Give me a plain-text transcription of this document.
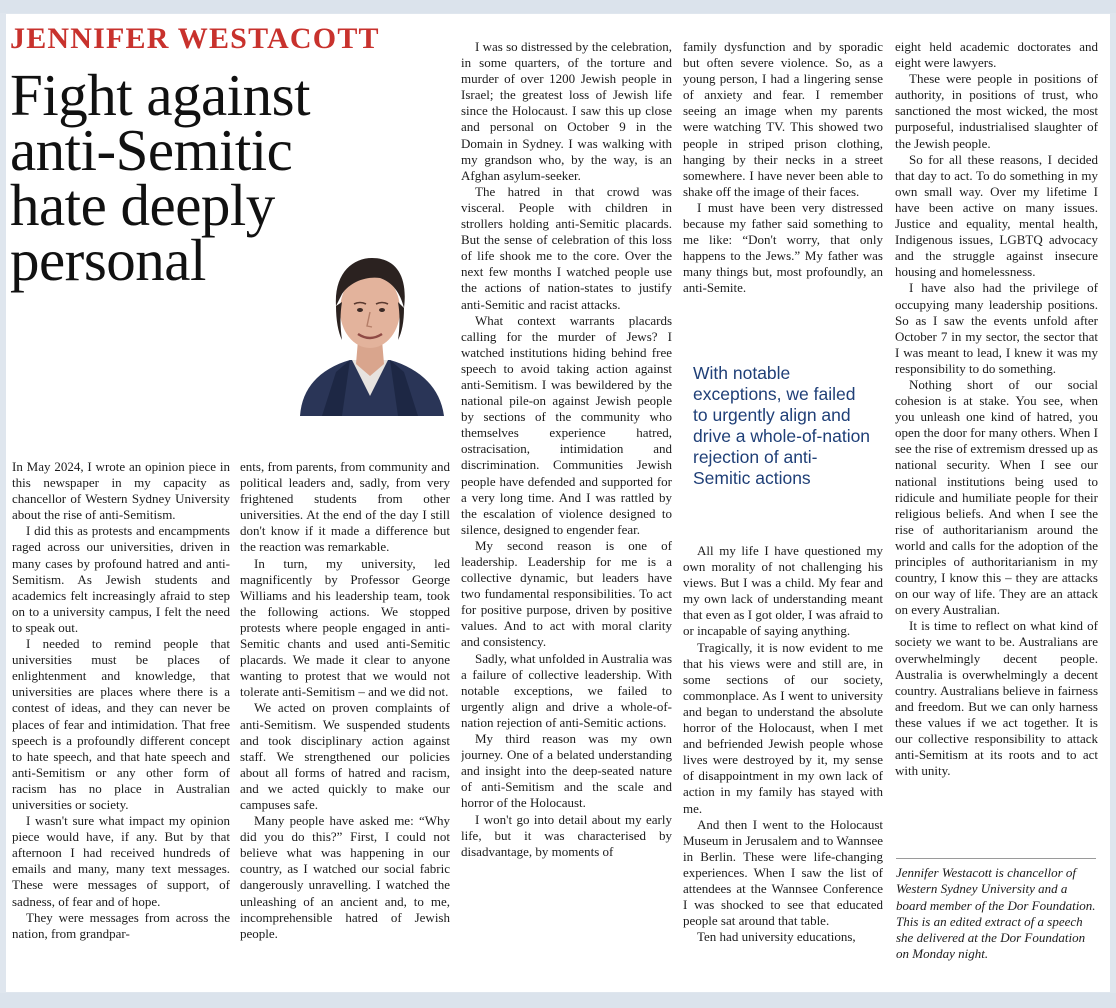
JENNIFER WESTACOTT
Fight against
anti-Semitic
hate deeply
personal

In May 2024, I wrote an opinion piece in this newspaper in my capacity as chancellor of Western Sydney University about the rise of anti-Semitism.

I did this as protests and encampments raged across our universities, driven in many cases by profound hatred and anti-Semitism. As Jewish students and academics felt increasingly afraid to step on to a university campus, I felt the need to speak out.

I needed to remind people that universities must be places of enlightenment and knowledge, that universities are places where there is a contest of ideas, and they can never be places of fear and intimidation. That free speech is a profoundly different concept to hate speech, and that hate speech and anti-Semitism or any other form of racism has no place in Australian universities or society.

I wasn't sure what impact my opinion piece would have, if any. But by that afternoon I had received hundreds of emails and many, many text messages. These were messages of support, of sadness, of fear and of hope.

They were messages from across the nation, from grandpar-

ents, from parents, from community and political leaders and, sadly, from very frightened students from other universities. At the end of the day I still don't know if it made a difference but the reaction was remarkable.

In turn, my university, led magnificently by Professor George Williams and his leadership team, took the following actions. We stopped protests where people engaged in anti-Semitic chants and used anti-Semitic placards. We made it clear to anyone wanting to protest that we would not tolerate anti-Semitism – and we did not.

We acted on proven complaints of anti-Semitism. We suspended students and took disciplinary action against staff. We strengthened our policies about all forms of hatred and racism, and we acted quickly to make our campuses safe.

Many people have asked me: “Why did you do this?” First, I could not believe what was happening in our country, as I watched our social fabric dangerously unravelling. I watched the unleashing of an ancient and, to me, incomprehensible hatred of Jewish people.

I was so distressed by the celebration, in some quarters, of the torture and murder of over 1200 Jewish people in Israel; the greatest loss of Jewish life since the Holocaust. I saw this up close and personal on October 9 in the Domain in Sydney. I was walking with my grandson who, by the way, is an Afghan asylum-seeker.

The hatred in that crowd was visceral. People with children in strollers holding anti-Semitic placards. But the sense of celebration of this loss of life shook me to the core. Over the next few months I watched people use the actions of nation-states to justify anti-Semitic and racist attacks.

What context warrants placards calling for the murder of Jews? I watched institutions hiding behind free speech to avoid taking action against anti-Semitism. I was bewildered by the national pile-on against Jewish people by sections of the community who themselves experience hatred, ostracisation, intimidation and discrimination. Communities Jewish people have defended and supported for a very long time. And I was rattled by the escalation of violence designed to silence, designed to engender fear.

My second reason is one of leadership. Leadership for me is a collective dynamic, but leaders have two fundamental responsibilities. To act for positive purpose, driven by positive values. And to act with moral clarity and consistency.

Sadly, what unfolded in Australia was a failure of collective leadership. With notable exceptions, we failed to urgently align and drive a whole-of-nation rejection of anti-Semitic actions.

My third reason was my own journey. One of a belated understanding and insight into the deep-seated nature of anti-Semitism and the scale and horror of the Holocaust.

I won't go into detail about my early life, but it was characterised by disadvantage, by moments of

family dysfunction and by sporadic but often severe violence. So, as a young person, I had a lingering sense of anxiety and fear. I remember seeing an image when my parents were watching TV. This showed two people in striped prison clothing, hanging by their necks in a street somewhere. I have never been able to shake off the image of their faces.

I must have been very distressed because my father said something to me like: “Don't worry, that only happens to the Jews.” My father was many things but, most profoundly, an anti-Semite.

With notable exceptions, we failed to urgently align and drive a whole-of-nation rejection of anti-Semitic actions

All my life I have questioned my own morality of not challenging his views. But I was a child. My fear and my own lack of understanding meant that even as I got older, I was afraid to or incapable of saying anything.

Tragically, it is now evident to me that his views were and still are, in some sections of our society, commonplace. As I went to university and began to understand the absolute horror of the Holocaust, when I met and befriended Jewish people whose lives were destroyed by it, my sense of disappointment in my own lack of action in my family has stayed with me.

And then I went to the Holocaust Museum in Jerusalem and to Wannsee in Berlin. These were life-changing experiences. When I saw the list of attendees at the Wannsee Conference I was shocked to see that educated people sat around that table.

Ten had university educations,

eight held academic doctorates and eight were lawyers.

These were people in positions of authority, in positions of trust, who sanctioned the most wicked, the most purposeful, industrialised slaughter of the Jewish people.

So for all these reasons, I decided that day to act. To do something in my own small way. Over my lifetime I have been active on many issues. Justice and equality, mental health, Indigenous issues, LGBTQ advocacy and the struggle against insecure housing and homelessness.

I have also had the privilege of occupying many leadership positions. So as I saw the events unfold after October 7 in my sector, the sector that I was meant to lead, I knew it was my responsibility to do something.

Nothing short of our social cohesion is at stake. You see, when you unleash one kind of hatred, you open the door for many others. When I see the rise of extremism dressed up as national security. When I see our national institutions being used to ridicule and humiliate people for their religious beliefs. And when I see the rise of authoritarianism around the world and calls for the adoption of the principles of authoritarianism in my country, I know this – they are attacks on our way of life. They are an attack on every Australian.

It is time to reflect on what kind of society we want to be. Australians are overwhelmingly decent people. Australia is overwhelmingly a decent country. Australians believe in fairness and freedom. But we can only harness these values if we act together. It is our collective responsibility to attack anti-Semitism at its roots and to act with unity.

Jennifer Westacott is chancellor of Western Sydney University and a board member of the Dor Foundation. This is an edited extract of a speech she delivered at the Dor Foundation on Monday night.
